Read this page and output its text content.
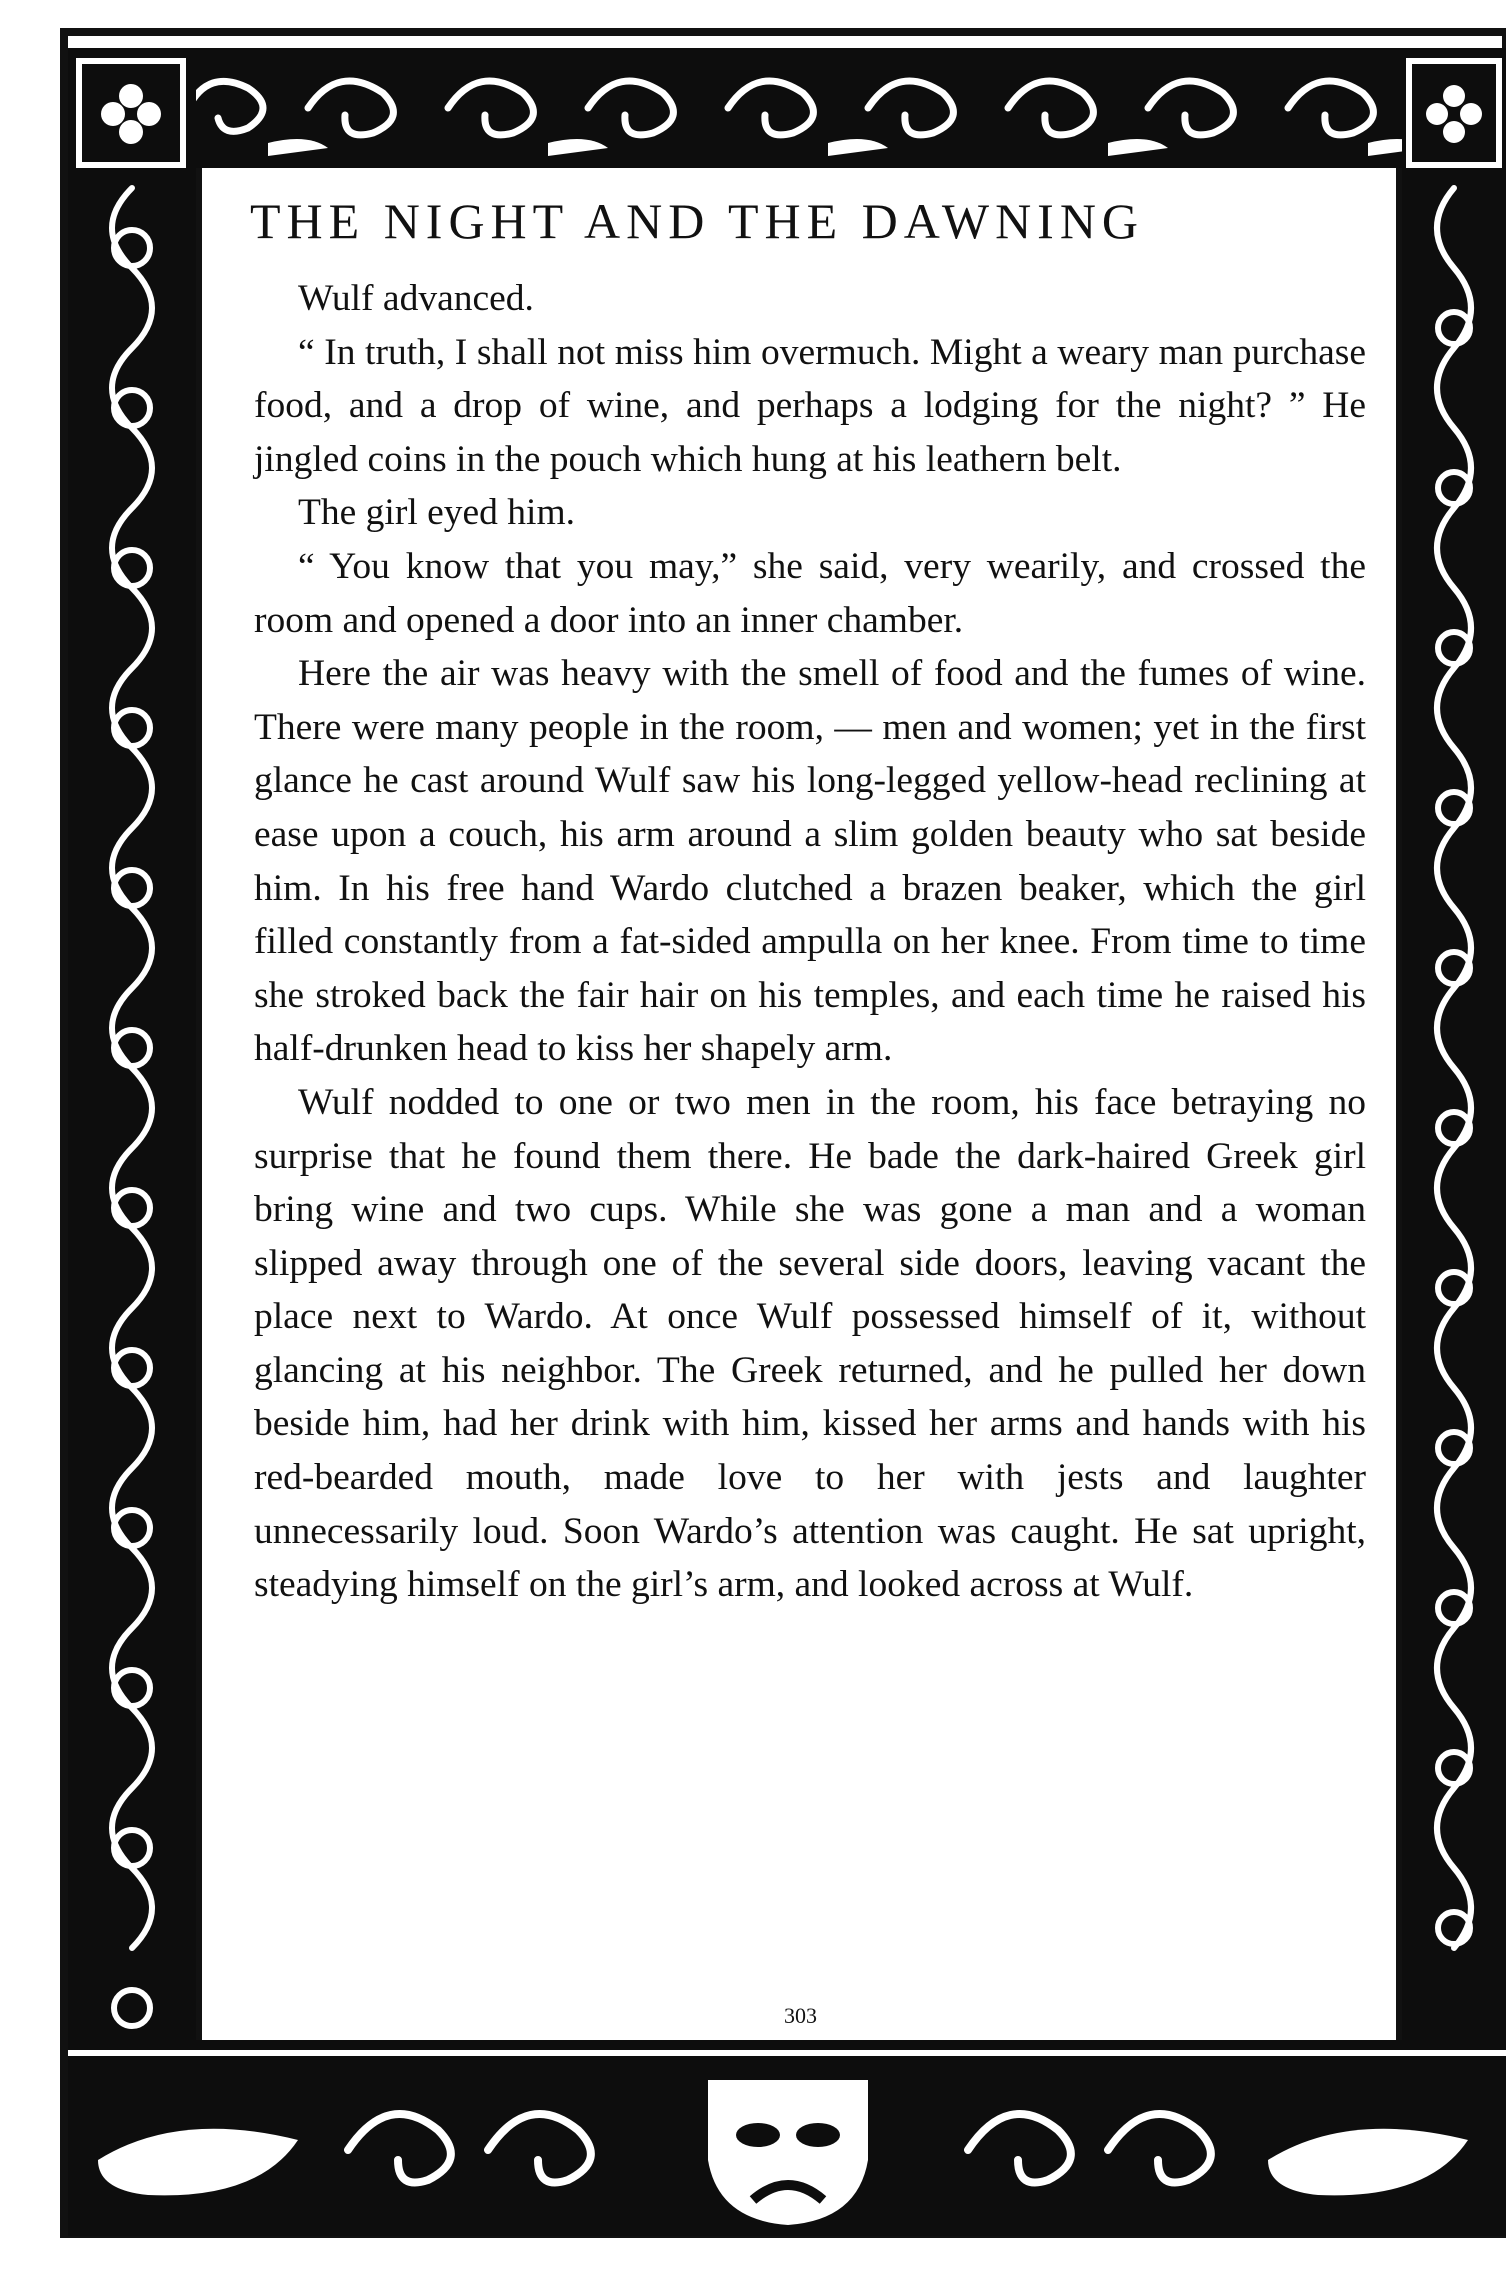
THE NIGHT AND THE DAWNING

Wulf advanced.

“ In truth, I shall not miss him overmuch. Might a weary man purchase food, and a drop of wine, and perhaps a lodging for the night? ” He jingled coins in the pouch which hung at his leathern belt.

The girl eyed him.

“ You know that you may,” she said, very wearily, and crossed the room and opened a door into an inner chamber.

Here the air was heavy with the smell of food and the fumes of wine. There were many people in the room, — men and women; yet in the first glance he cast around Wulf saw his long-legged yellow-head reclining at ease upon a couch, his arm around a slim golden beauty who sat beside him. In his free hand Wardo clutched a brazen beaker, which the girl filled constantly from a fat-sided ampulla on her knee. From time to time she stroked back the fair hair on his temples, and each time he raised his half-drunken head to kiss her shapely arm.

Wulf nodded to one or two men in the room, his face betraying no surprise that he found them there. He bade the dark-haired Greek girl bring wine and two cups. While she was gone a man and a woman slipped away through one of the several side doors, leaving vacant the place next to Wardo. At once Wulf possessed himself of it, without glancing at his neighbor. The Greek returned, and he pulled her down beside him, had her drink with him, kissed her arms and hands with his red-bearded mouth, made love to her with jests and laughter unnecessarily loud. Soon Wardo’s attention was caught. He sat upright, steadying himself on the girl’s arm, and looked across at Wulf.

303
